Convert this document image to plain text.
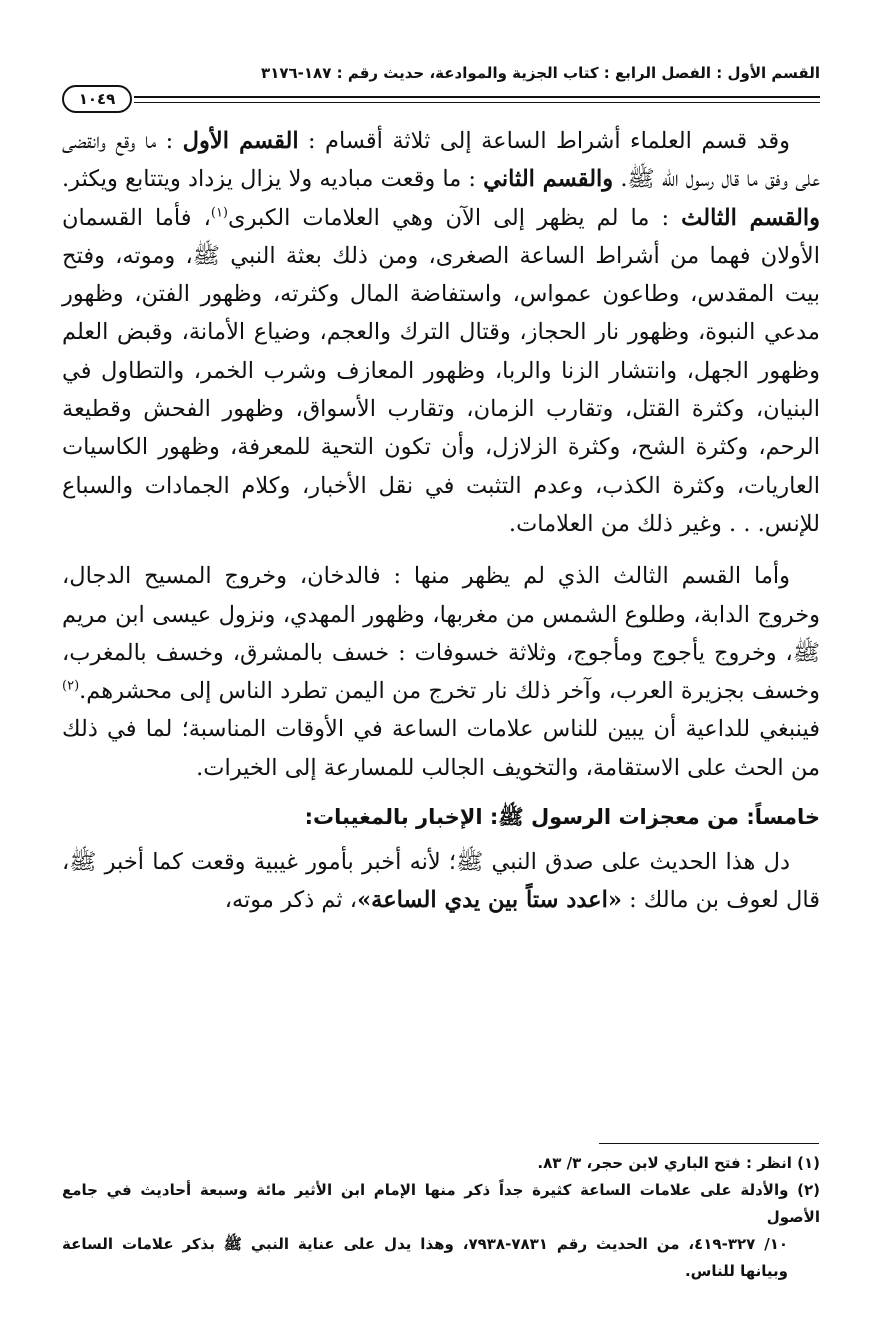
القسم الأول : الفصل الرابع : كتاب الجزية والموادعة، حديث رقم : ١٨٧-٣١٧٦
١٠٤٩

وقد قسم العلماء أشراط الساعة إلى ثلاثة أقسام : القسم الأول : ما وقع وانقضى على وفق ما قال رسول الله ﷺ. والقسم الثاني : ما وقعت مباديه ولا يزال يزداد ويتتابع ويكثر. والقسم الثالث : ما لم يظهر إلى الآن وهي العلامات الكبرى$^{(١)}$، فأما القسمان الأولان فهما من أشراط الساعة الصغرى، ومن ذلك بعثة النبي ﷺ، وموته، وفتح بيت المقدس، وطاعون عمواس، واستفاضة المال وكثرته، وظهور الفتن، وظهور مدعي النبوة، وظهور نار الحجاز، وقتال الترك والعجم، وضياع الأمانة، وقبض العلم وظهور الجهل، وانتشار الزنا والربا، وظهور المعازف وشرب الخمر، والتطاول في البنيان، وكثرة القتل، وتقارب الزمان، وتقارب الأسواق، وظهور الفحش وقطيعة الرحم، وكثرة الشح، وكثرة الزلازل، وأن تكون التحية للمعرفة، وظهور الكاسيات العاريات، وكثرة الكذب، وعدم التثبت في نقل الأخبار، وكلام الجمادات والسباع للإنس. . . وغير ذلك من العلامات.

وأما القسم الثالث الذي لم يظهر منها : فالدخان، وخروج المسيح الدجال، وخروج الدابة، وطلوع الشمس من مغربها، وظهور المهدي، ونزول عيسى ابن مريم ﷺ، وخروج يأجوج ومأجوج، وثلاثة خسوفات : خسف بالمشرق، وخسف بالمغرب، وخسف بجزيرة العرب، وآخر ذلك نار تخرج من اليمن تطرد الناس إلى محشرهم.$^{(٢)}$ فينبغي للداعية أن يبين للناس علامات الساعة في الأوقات المناسبة؛ لما في ذلك من الحث على الاستقامة، والتخويف الجالب للمسارعة إلى الخيرات.

خامساً: من معجزات الرسول ﷺ: الإخبار بالمغيبات:

دل هذا الحديث على صدق النبي ﷺ؛ لأنه أخبر بأمور غيبية وقعت كما أخبر ﷺ، قال لعوف بن مالك : «اعدد ستاً بين يدي الساعة»، ثم ذكر موته،

(١) انظر : فتح الباري لابن حجر، ٣/ ٨٣.

(٢) والأدلة على علامات الساعة كثيرة جداً ذكر منها الإمام ابن الأثير مائة وسبعة أحاديث في جامع الأصول

١٠/ ٣٢٧-٤١٩، من الحديث رقم ٧٨٣١-٧٩٣٨، وهذا يدل على عناية النبي ﷺ بذكر علامات الساعة وبيانها للناس.
